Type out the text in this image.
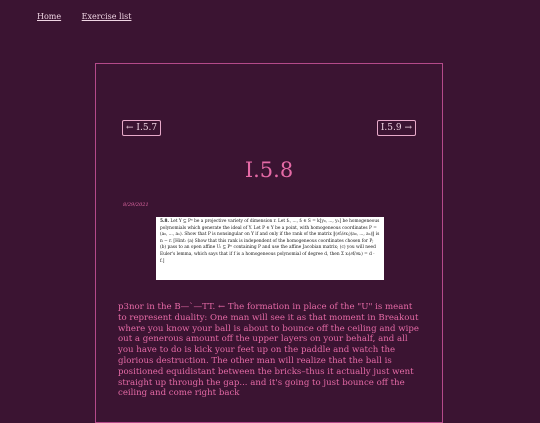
Home	Exercise list
← I.5.7	I.5.9 →
I.5.8
8/29/2021
5.8. Let Y ⊆ Pⁿ be a projective variety of dimension r. Let f₁, ..., fₜ ∈ S = k[y₀, ..., yₙ] be homogeneous polynomials which generate the ideal of Y. Let P ∈ Y be a point, with homogeneous coordinates P = (a₀, ..., aₙ). Show that P is nonsingular on Y if and only if the rank of the matrix ‖(∂fᵢ/∂xⱼ)(a₀, ..., aₙ)‖ is n − r. [Hint: (a) Show that this rank is independent of the homogeneous coordinates chosen for P; (b) pass to an open affine Uᵢ ⊆ Pⁿ containing P and use the affine Jacobian matrix; (c) you will need Euler's lemma, which says that if f is a homogeneous polynomial of degree d, then Σ xᵢ(∂f/∂xᵢ) = d · f.]
p3nor in the B—ˋ—TT. ← The formation in place of the "U" is meant to represent duality: One man will see it as that moment in Breakout where you know your ball is about to bounce off the ceiling and wipe out a generous amount off the upper layers on your behalf, and all you have to do is kick your feet up on the paddle and watch the glorious destruction. The other man will realize that the ball is positioned equidistant between the bricks–thus it actually just went straight up through the gap... and it's going to just bounce off the ceiling and come right back
